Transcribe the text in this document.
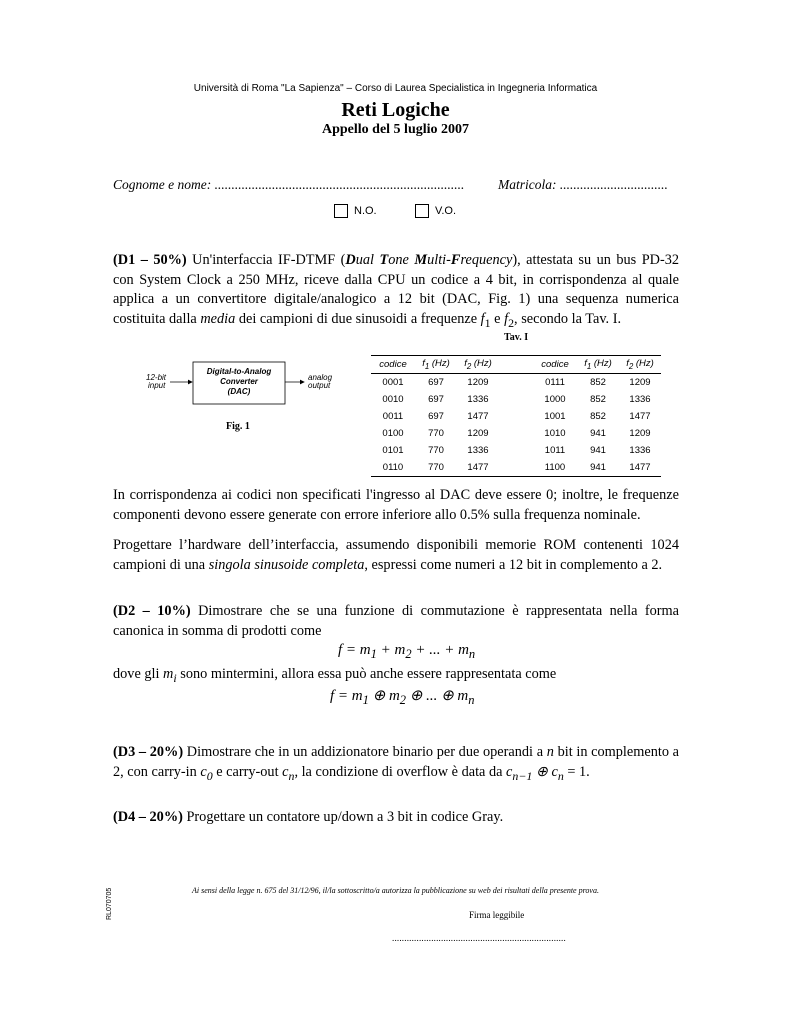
Università di Roma "La Sapienza" – Corso di Laurea Specialistica in Ingegneria Informatica
Reti Logiche
Appello del 5 luglio 2007
Cognome e nome: .......................................................................... Matricola: ................................
N.O.	V.O.
(D1 – 50%) Un'interfaccia IF-DTMF (Dual Tone Multi-Frequency), attestata su un bus PD-32 con System Clock a 250 MHz, riceve dalla CPU un codice a 4 bit, in corrispondenza al quale applica a un convertitore digitale/analogico a 12 bit (DAC, Fig. 1) una sequenza numerica costituita dalla media dei campioni di due sinusoidi a frequenze $f_1$ e $f_2$, secondo la Tav. I.
12-bit
input
Digital-to-Analog
Converter
(DAC)
analog
output
Fig. 1
Tav. I
codice	$f_1$ (Hz)	$f_2$ (Hz)		codice	$f_1$ (Hz)	$f_2$ (Hz)
0001	697	1209		0111	852	1209
0010	697	1336		1000	852	1336
0011	697	1477		1001	852	1477
0100	770	1209		1010	941	1209
0101	770	1336		1011	941	1336
0110	770	1477		1100	941	1477
In corrispondenza ai codici non specificati l'ingresso al DAC deve essere 0; inoltre, le frequenze componenti devono essere generate con errore inferiore allo 0.5% sulla frequenza nominale.
Progettare l’hardware dell’interfaccia, assumendo disponibili memorie ROM contenenti 1024 campioni di una singola sinusoide completa, espressi come numeri a 12 bit in complemento a 2.
(D2 – 10%) Dimostrare che se una funzione di commutazione è rappresentata nella forma canonica in somma di prodotti come
$f = m_1 + m_2$ + ... + $m_n$
dove gli $m_i$ sono mintermini, allora essa può anche essere rappresentata come
$f = m_1$ ⊕ $m_2$ ⊕ ... ⊕ $m_n$
(D3 – 20%) Dimostrare che in un addizionatore binario per due operandi a n bit in complemento a 2, con carry-in $c_0$ e carry-out $c_n$, la condizione di overflow è data da $c_{n-1}$ ⊕ $c_n = 1$.
(D4 – 20%) Progettare un contatore up/down a 3 bit in codice Gray.
Ai sensi della legge n. 675 del 31/12/96, il/la sottoscritto/a autorizza la pubblicazione su web dei risultati della presente prova.
RL070705	Firma leggibile
.......................................................................
